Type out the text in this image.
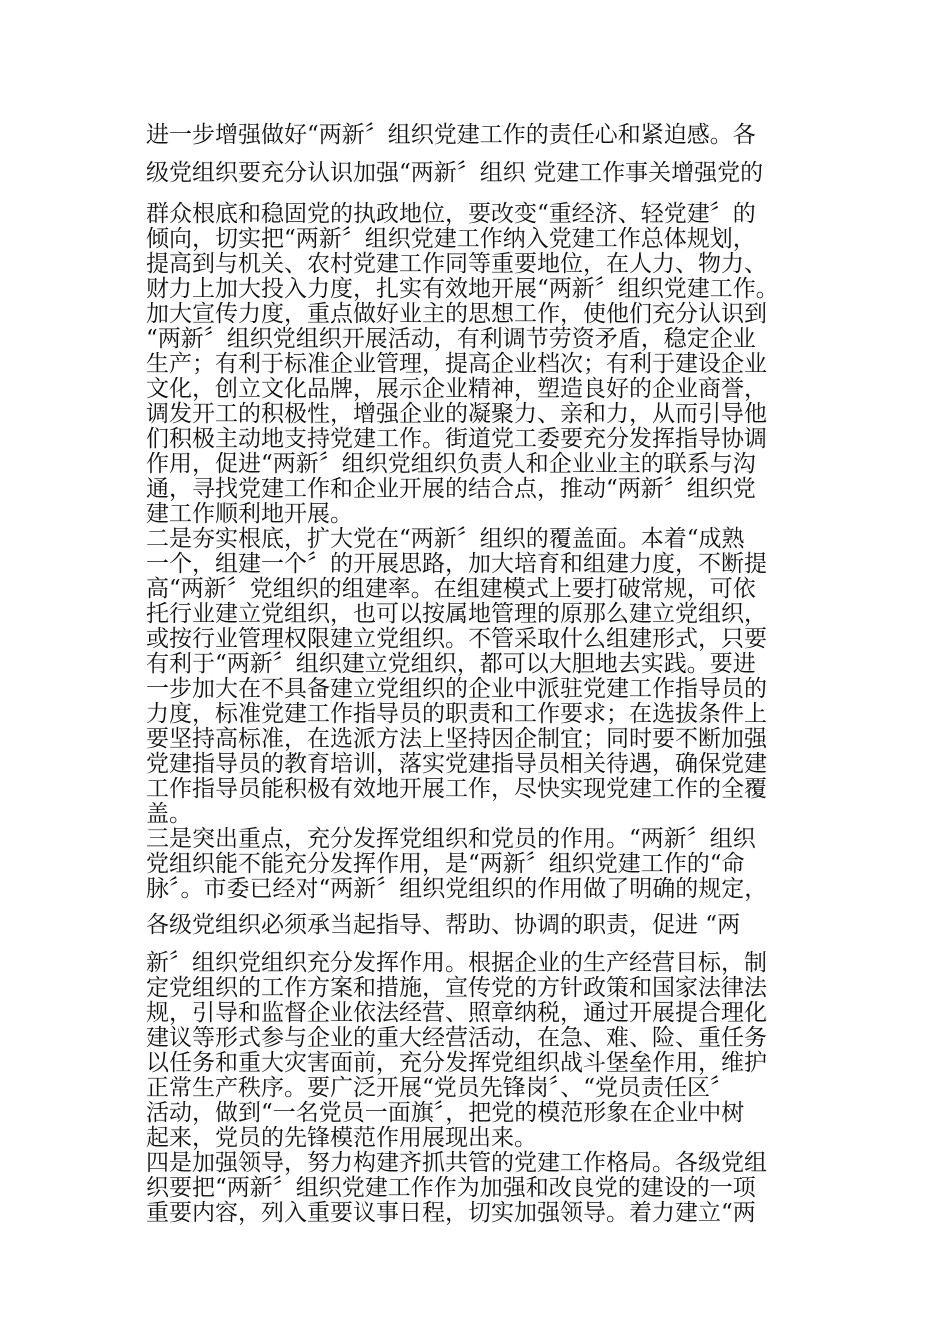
进一步增强做好“两新〞组织党建工作的责任心和紧迫感。各

级党组织要充分认识加强“两新〞组织 党建工作事关增强党的

群众根底和稳固党的执政地位，要改变“重经济、轻党建〞的

倾向，切实把“两新〞组织党建工作纳入党建工作总体规划，

提高到与机关、农村党建工作同等重要地位，在人力、物力、

财力上加大投入力度，扎实有效地开展“两新〞组织党建工作。

加大宣传力度，重点做好业主的思想工作，使他们充分认识到

“两新〞组织党组织开展活动，有利调节劳资矛盾，稳定企业

生产；有利于标准企业管理，提高企业档次；有利于建设企业

文化，创立文化品牌，展示企业精神，塑造良好的企业商誉，

调发开工的积极性，增强企业的凝聚力、亲和力，从而引导他

们积极主动地支持党建工作。街道党工委要充分发挥指导协调

作用，促进“两新〞组织党组织负责人和企业业主的联系与沟

通，寻找党建工作和企业开展的结合点，推动“两新〞组织党

建工作顺利地开展。

二是夯实根底，扩大党在“两新〞组织的覆盖面。本着“成熟

一个，组建一个〞的开展思路，加大培育和组建力度，不断提

高“两新〞党组织的组建率。在组建模式上要打破常规，可依

托行业建立党组织，也可以按属地管理的原那么建立党组织，

或按行业管理权限建立党组织。不管采取什么组建形式，只要

有利于“两新〞组织建立党组织，都可以大胆地去实践。要进

一步加大在不具备建立党组织的企业中派驻党建工作指导员的

力度，标准党建工作指导员的职责和工作要求；在选拔条件上

要坚持高标准，在选派方法上坚持因企制宜；同时要不断加强

党建指导员的教育培训，落实党建指导员相关待遇，确保党建

工作指导员能积极有效地开展工作，尽快实现党建工作的全覆

盖。

三是突出重点，充分发挥党组织和党员的作用。“两新〞组织

党组织能不能充分发挥作用，是“两新〞组织党建工作的“命

脉〞。市委已经对“两新〞组织党组织的作用做了明确的规定，

各级党组织必须承当起指导、帮助、协调的职责，促进 “两

新〞组织党组织充分发挥作用。根据企业的生产经营目标，制

定党组织的工作方案和措施，宣传党的方针政策和国家法律法

规，引导和监督企业依法经营、照章纳税，通过开展提合理化

建议等形式参与企业的重大经营活动，在急、难、险、重任务

以任务和重大灾害面前，充分发挥党组织战斗堡垒作用，维护

正常生产秩序。要广泛开展“党员先锋岗〞、“党员责任区〞

活动，做到“一名党员一面旗〞，把党的模范形象在企业中树

起来，党员的先锋模范作用展现出来。

四是加强领导，努力构建齐抓共管的党建工作格局。各级党组

织要把“两新〞组织党建工作作为加强和改良党的建设的一项

重要内容，列入重要议事日程，切实加强领导。着力建立“两
